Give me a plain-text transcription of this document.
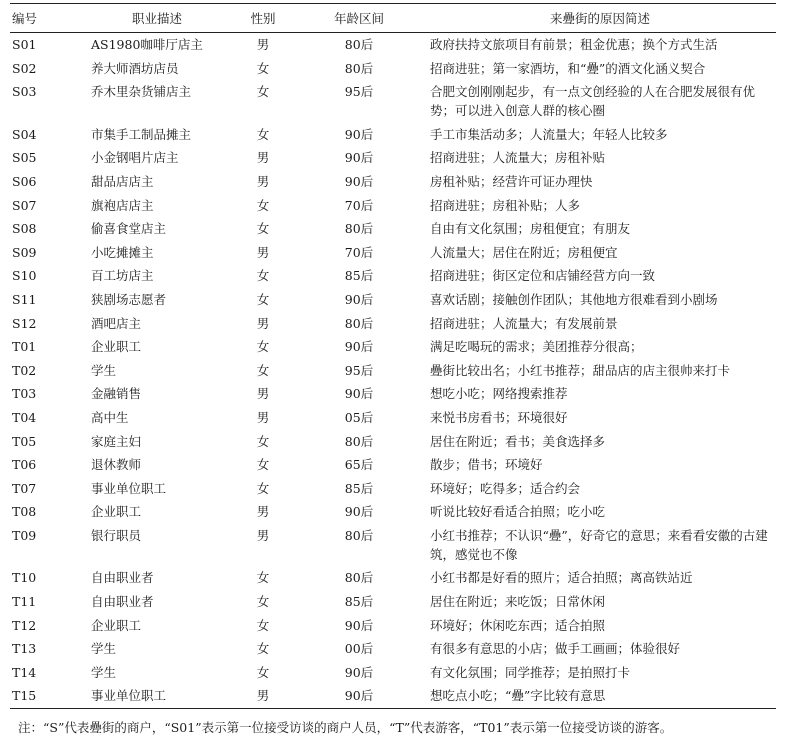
编号	职业描述	性别	年龄区间	来疉街的原因简述
S01	AS1980咖啡厅店主	男	80后	政府扶持文旅项目有前景；租金优惠；换个方式生活
S02	养大师酒坊店员	女	80后	招商进驻；第一家酒坊，和“疉”的酒文化涵义契合
S03	乔木里杂货铺店主	女	95后	合肥文创刚刚起步，有一点文创经验的人在合肥发展很有优势；可以进入创意人群的核心圈
S04	市集手工制品摊主	女	90后	手工市集活动多；人流量大；年轻人比较多
S05	小金钢唱片店主	男	90后	招商进驻；人流量大；房租补贴
S06	甜品店店主	男	90后	房租补贴；经营许可证办理快
S07	旗袍店店主	女	70后	招商进驻；房租补贴；人多
S08	偷喜食堂店主	女	80后	自由有文化氛围；房租便宜；有朋友
S09	小吃摊摊主	男	70后	人流量大；居住在附近；房租便宜
S10	百工坊店主	女	85后	招商进驻；街区定位和店铺经营方向一致
S11	狭剧场志愿者	女	90后	喜欢话剧；接触创作团队；其他地方很难看到小剧场
S12	酒吧店主	男	80后	招商进驻；人流量大；有发展前景
T01	企业职工	女	90后	满足吃喝玩的需求；美团推荐分很高；
T02	学生	女	95后	疉街比较出名；小红书推荐；甜品店的店主很帅来打卡
T03	金融销售	男	90后	想吃小吃；网络搜索推荐
T04	高中生	男	05后	来悦书房看书；环境很好
T05	家庭主妇	女	80后	居住在附近；看书；美食选择多
T06	退休教师	女	65后	散步；借书；环境好
T07	事业单位职工	女	85后	环境好；吃得多；适合约会
T08	企业职工	男	90后	听说比较好看适合拍照；吃小吃
T09	银行职员	男	80后	小红书推荐；不认识“疉”，好奇它的意思；来看看安徽的古建筑，感觉也不像
T10	自由职业者	女	80后	小红书都是好看的照片；适合拍照；离高铁站近
T11	自由职业者	女	85后	居住在附近；来吃饭；日常休闲
T12	企业职工	女	90后	环境好；休闲吃东西；适合拍照
T13	学生	女	00后	有很多有意思的小店；做手工画画；体验很好
T14	学生	女	90后	有文化氛围；同学推荐；是拍照打卡
T15	事业单位职工	男	90后	想吃点小吃；“疉”字比较有意思
注：“S”代表疉街的商户，“S01”表示第一位接受访谈的商户人员，“T”代表游客，“T01”表示第一位接受访谈的游客。
